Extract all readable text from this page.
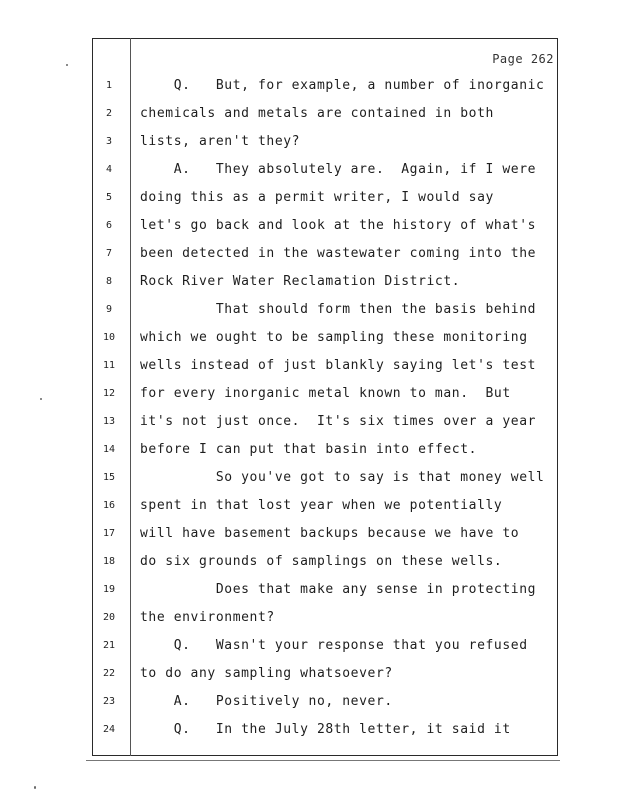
Page 262
1	Q.   But, for example, a number of inorganic
2	chemicals and metals are contained in both
3	lists, aren't they?
4	A.   They absolutely are.  Again, if I were
5	doing this as a permit writer, I would say
6	let's go back and look at the history of what's
7	been detected in the wastewater coming into the
8	Rock River Water Reclamation District.
9	That should form then the basis behind
10	which we ought to be sampling these monitoring
11	wells instead of just blankly saying let's test
12	for every inorganic metal known to man.  But
13	it's not just once.  It's six times over a year
14	before I can put that basin into effect.
15	So you've got to say is that money well
16	spent in that lost year when we potentially
17	will have basement backups because we have to
18	do six grounds of samplings on these wells.
19	Does that make any sense in protecting
20	the environment?
21	Q.   Wasn't your response that you refused
22	to do any sampling whatsoever?
23	A.   Positively no, never.
24	Q.   In the July 28th letter, it said it
